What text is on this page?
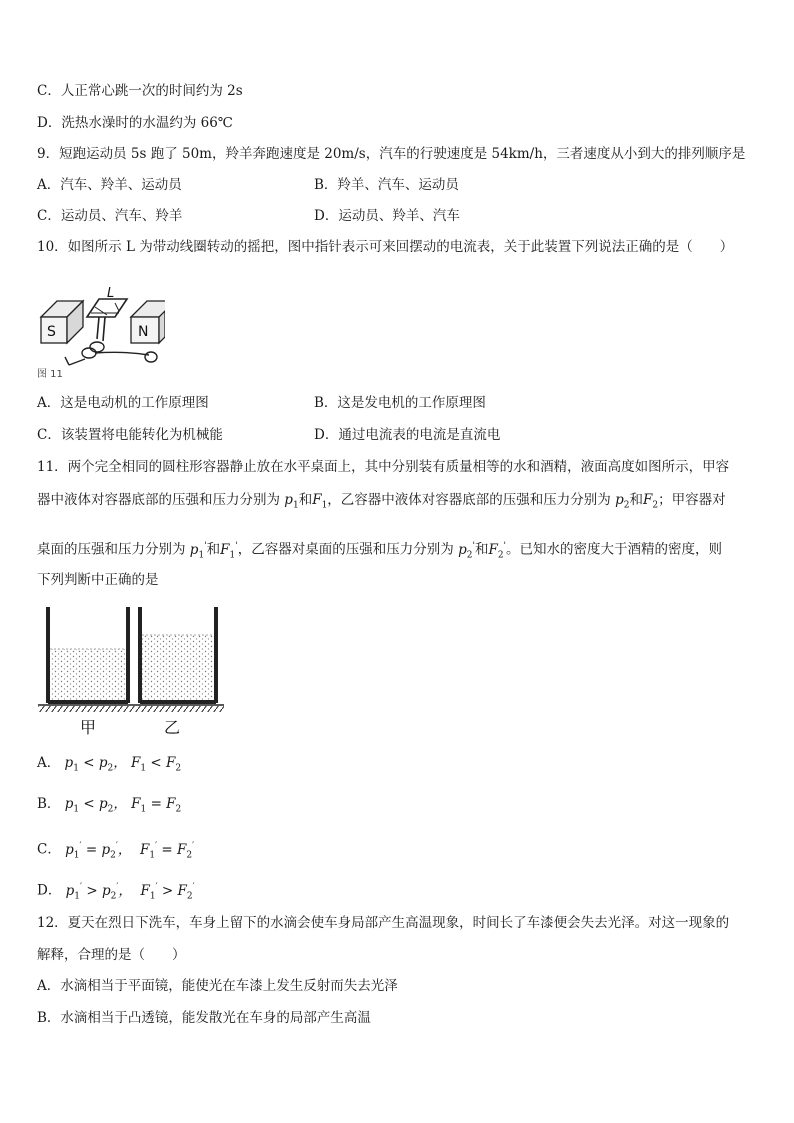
C．人正常心跳一次的时间约为 2s
D．洗热水澡时的水温约为 66℃
9．短跑运动员 5s 跑了 50m，羚羊奔跑速度是 20m/s，汽车的行驶速度是 54km/h，三者速度从小到大的排列顺序是
A．汽车、羚羊、运动员	B．羚羊、汽车、运动员
C．运动员、汽车、羚羊	D．运动员、羚羊、汽车
10．如图所示 L 为带动线圈转动的摇把，图中指针表示可来回摆动的电流表，关于此装置下列说法正确的是（　　）
S	N
L
图 11
A．这是电动机的工作原理图	B．这是发电机的工作原理图
C．该装置将电能转化为机械能	D．通过电流表的电流是直流电
11．两个完全相同的圆柱形容器静止放在水平桌面上，其中分别装有质量相等的水和酒精，液面高度如图所示，甲容
器中液体对容器底部的压强和压力分别为 $p_1$和$F_1$，乙容器中液体对容器底部的压强和压力分别为 $p_2$和$F_2$；甲容器对
桌面的压强和压力分别为 $p_1'$和$F_1'$，乙容器对桌面的压强和压力分别为 $p_2'$和$F_2'$。已知水的密度大于酒精的密度，则
下列判断中正确的是
甲	乙
A． $p_1 < p_2$， $F_1 < F_2$
B． $p_1 < p_2$， $F_1 = F_2$
C． $p_1' = p_2'$，  $F_1' = F_2'$
D． $p_1' > p_2'$，  $F_1' > F_2'$
12．夏天在烈日下洗车，车身上留下的水滴会使车身局部产生高温现象，时间长了车漆便会失去光泽。对这一现象的
解释，合理的是（　　）
A．水滴相当于平面镜，能使光在车漆上发生反射而失去光泽
B．水滴相当于凸透镜，能发散光在车身的局部产生高温
